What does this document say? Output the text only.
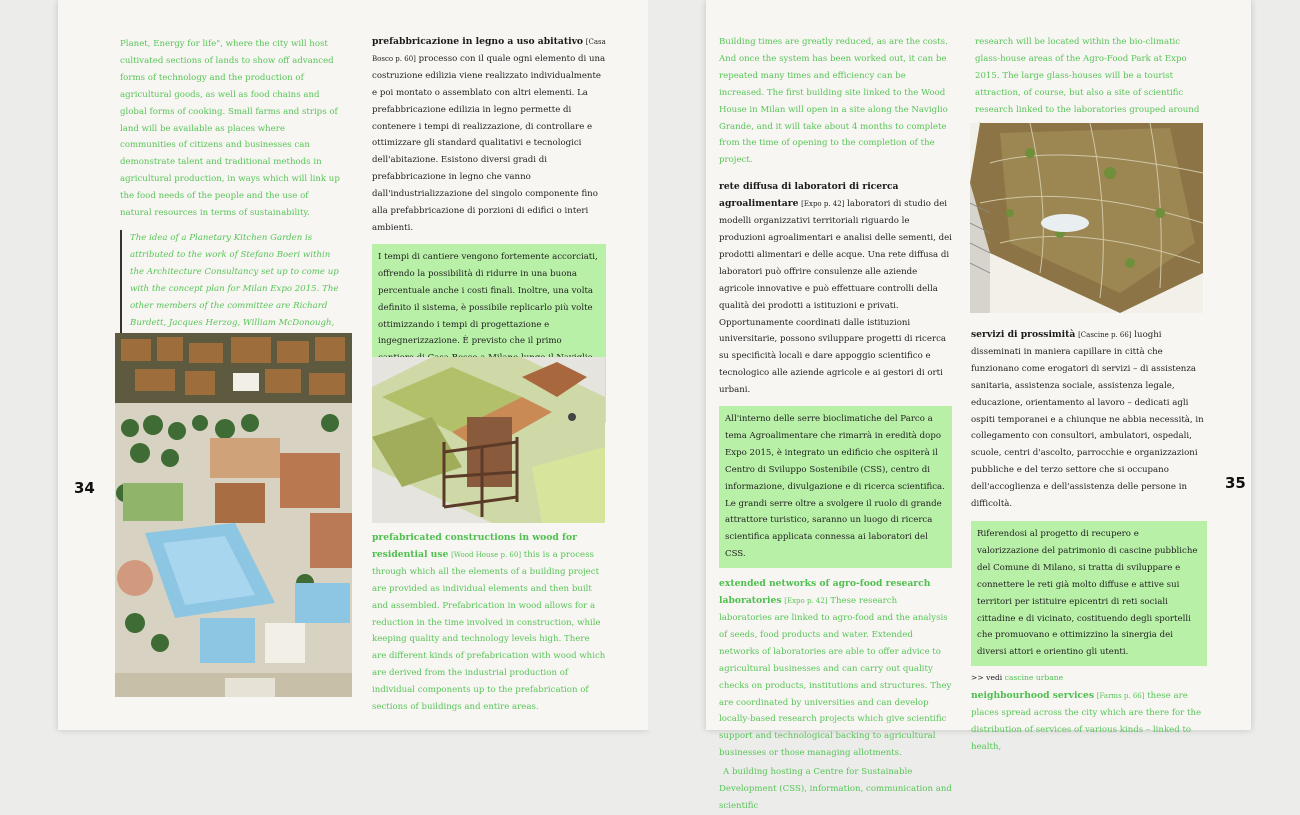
34	35

Planet, Energy for life", where the city will host cultivated sections of lands to show off advanced forms of technology and the production of agricultural goods, as well as food chains and global forms of cooking. Small farms and strips of land will be available as places where communities of citizens and businesses can demonstrate talent and traditional methods in agricultural production, in ways which will link up the food needs of the people and the use of natural resources in terms of sustainability.

The idea of a Planetary Kitchen Garden is attributed to the work of Stefano Boeri within the Architecture Consultancy set up to come up with the concept plan for Milan Expo 2015. The other members of the committee are Richard Burdett, Jacques Herzog, William McDonough,

prefabbricazione in legno a uso abitativo [Casa Bosco p. 60] processo con il quale ogni elemento di una costruzione edilizia viene realizzato individualmente e poi montato o assemblato con altri elementi. La prefabbricazione edilizia in legno permette di contenere i tempi di realizzazione, di controllare e ottimizzare gli standard qualitativi e tecnologici dell'abitazione. Esistono diversi gradi di prefabbricazione in legno che vanno dall'industrializzazione del singolo componente fino alla prefabbricazione di porzioni di edifici o interi ambienti.

I tempi di cantiere vengono fortemente accorciati, offrendo la possibilità di ridurre in una buona percentuale anche i costi finali. Inoltre, una volta definito il sistema, è possibile replicarlo più volte ottimizzando i tempi di progettazione e ingegnerizzazione. È previsto che il primo

prefabricated constructions in wood for residential use [Wood House p. 60] this is a process through which all the elements of a building project are provided as individual elements and then built and assembled. Prefabrication in wood allows for a reduction in the time involved in construction, while keeping quality and technology levels high. There are different kinds of prefabrication with wood which are derived from the industrial production of individual components up to the prefabrication of sections of buildings and entire areas.

Building times are greatly reduced, as are the costs. And once the system has been worked out, it can be repeated many times and efficiency can be increased. The first building site linked to the Wood House in Milan will open in a site along the Naviglio Grande, and it will take about 4 months to complete from the time of opening to the completion of the project.

rete diffusa di laboratori di ricerca agroalimentare [Expo p. 42] laboratori di studio dei modelli organizzativi territoriali riguardo le produzioni agroalimentari e analisi delle sementi, dei prodotti alimentari e delle acque. Una rete diffusa di laboratori può offrire consulenze alle aziende agricole innovative e può effettuare controlli della qualità dei prodotti a istituzioni e privati. Opportunamente coordinati dalle istituzioni universitarie, possono sviluppare progetti di ricerca su specificità locali e dare appoggio scientifico e tecnologico alle aziende agricole e ai gestori di orti urbani.

All'interno delle serre bioclimatiche del Parco a tema Agroalimentare che rimarrà in eredità dopo Expo 2015, è integrato un edificio che ospiterà il Centro di Sviluppo Sostenibile (CSS), centro di informazione, divulgazione e di ricerca scientifica. Le grandi serre oltre a svolgere il ruolo di grande attrattore turistico, saranno un luogo di ricerca scientifica applicata connessa ai laboratori del CSS.

extended networks of agro-food research laboratories [Expo p. 42] These research laboratories are linked to agro-food and the analysis of seeds, food products and water. Extended networks of laboratories are able to offer advice to agricultural businesses and can carry out quality checks on products, institutions and structures. They are coordinated by universities and can develop locally-based research projects which give scientific support and technological backing to agricultural businesses or those managing allotments.

A building hosting a Centre for Sustainable Development (CSS), information, communication and scientific

research will be located within the bio-climatic glass-house areas of the Agro-Food Park at Expo 2015. The large glass-houses will be a tourist attraction, of course, but also a site of scientific research linked to the laboratories grouped around

servizi di prossimità [Cascine p. 66] luoghi disseminati in maniera capillare in città che funzionano come erogatori di servizi – di assistenza sanitaria, assistenza sociale, assistenza legale, educazione, orientamento al lavoro – dedicati agli ospiti temporanei e a chiunque ne abbia necessità, in collegamento con consultori, ambulatori, ospedali, scuole, centri d'ascolto, parrocchie e organizzazioni pubbliche e del terzo settore che si occupano dell'accoglienza e dell'assistenza delle persone in difficoltà.

Riferendosi al progetto di recupero e valorizzazione del patrimonio di cascine pubbliche del Comune di Milano, si tratta di sviluppare e connettere le reti già molto diffuse e attive sui territori per istituire epicentri di reti sociali cittadine e di vicinato, costituendo degli sportelli che promuovano e ottimizzino la sinergia dei diversi attori e orientino gli utenti.

>> vedi cascine urbane

neighbourhood services [Farms p. 66] these are places spread across the city which are there for the distribution of services of various kinds – linked to health,
